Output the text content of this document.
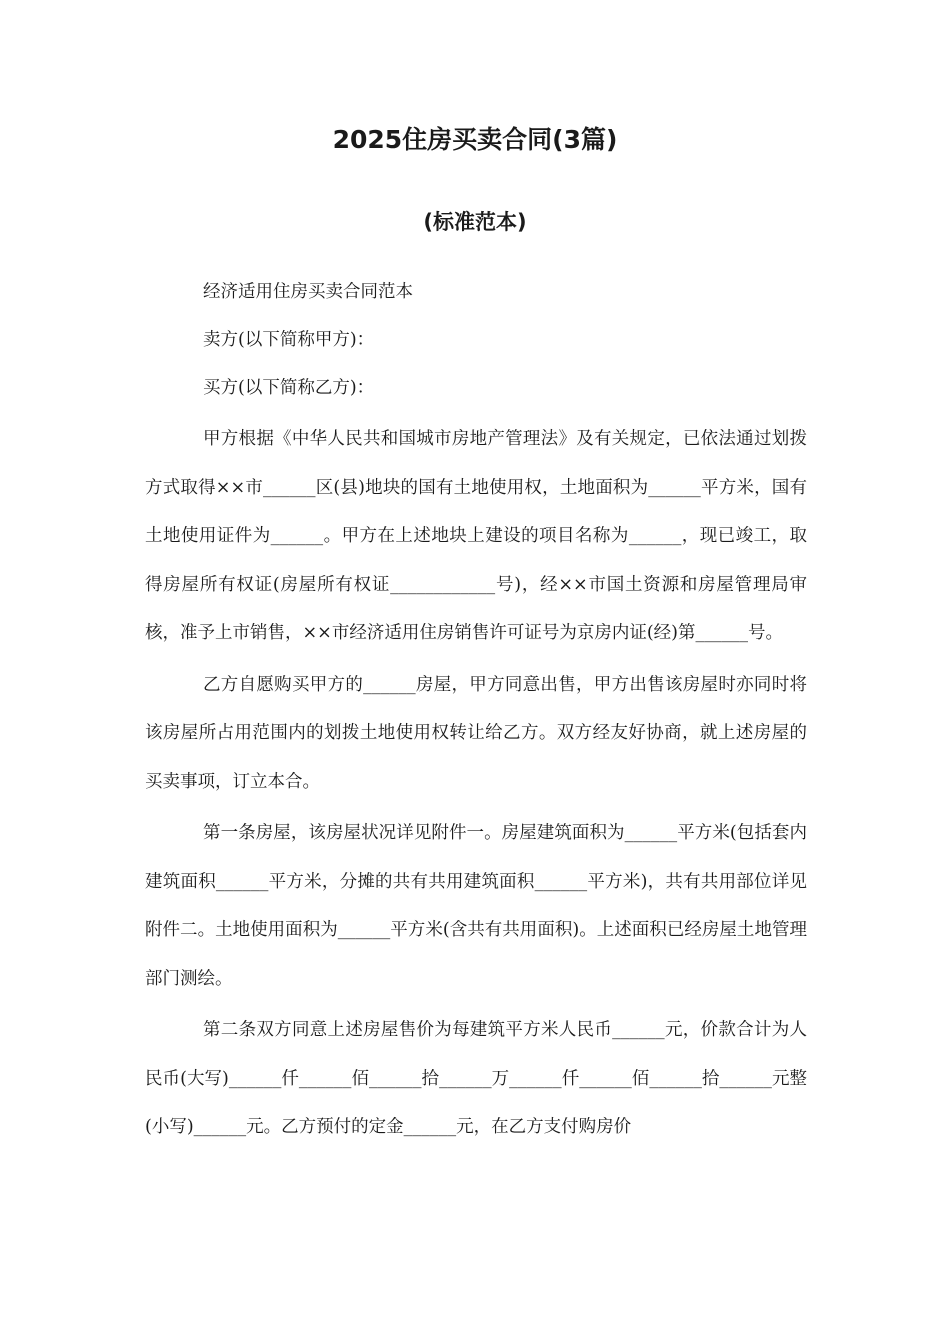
2025住房买卖合同(3篇)
(标准范本)

经济适用住房买卖合同范本

卖方(以下简称甲方)：

买方(以下简称乙方)：

甲方根据《中华人民共和国城市房地产管理法》及有关规定，已依法通过划拨方式取得××市______区(县)地块的国有土地使用权，土地面积为______平方米，国有土地使用证件为______。甲方在上述地块上建设的项目名称为______，现已竣工，取得房屋所有权证(房屋所有权证____________号)，经××市国土资源和房屋管理局审核，准予上市销售，××市经济适用住房销售许可证号为京房内证(经)第______号。

乙方自愿购买甲方的______房屋，甲方同意出售，甲方出售该房屋时亦同时将该房屋所占用范围内的划拨土地使用权转让给乙方。双方经友好协商，就上述房屋的买卖事项，订立本合。

第一条房屋，该房屋状况详见附件一。房屋建筑面积为______平方米(包括套内建筑面积______平方米，分摊的共有共用建筑面积______平方米)，共有共用部位详见附件二。土地使用面积为______平方米(含共有共用面积)。上述面积已经房屋土地管理部门测绘。

第二条双方同意上述房屋售价为每建筑平方米人民币______元，价款合计为人民币(大写)______仟______佰______拾______万______仟______佰______拾______元整(小写)______元。乙方预付的定金______元，在乙方支付购房价
